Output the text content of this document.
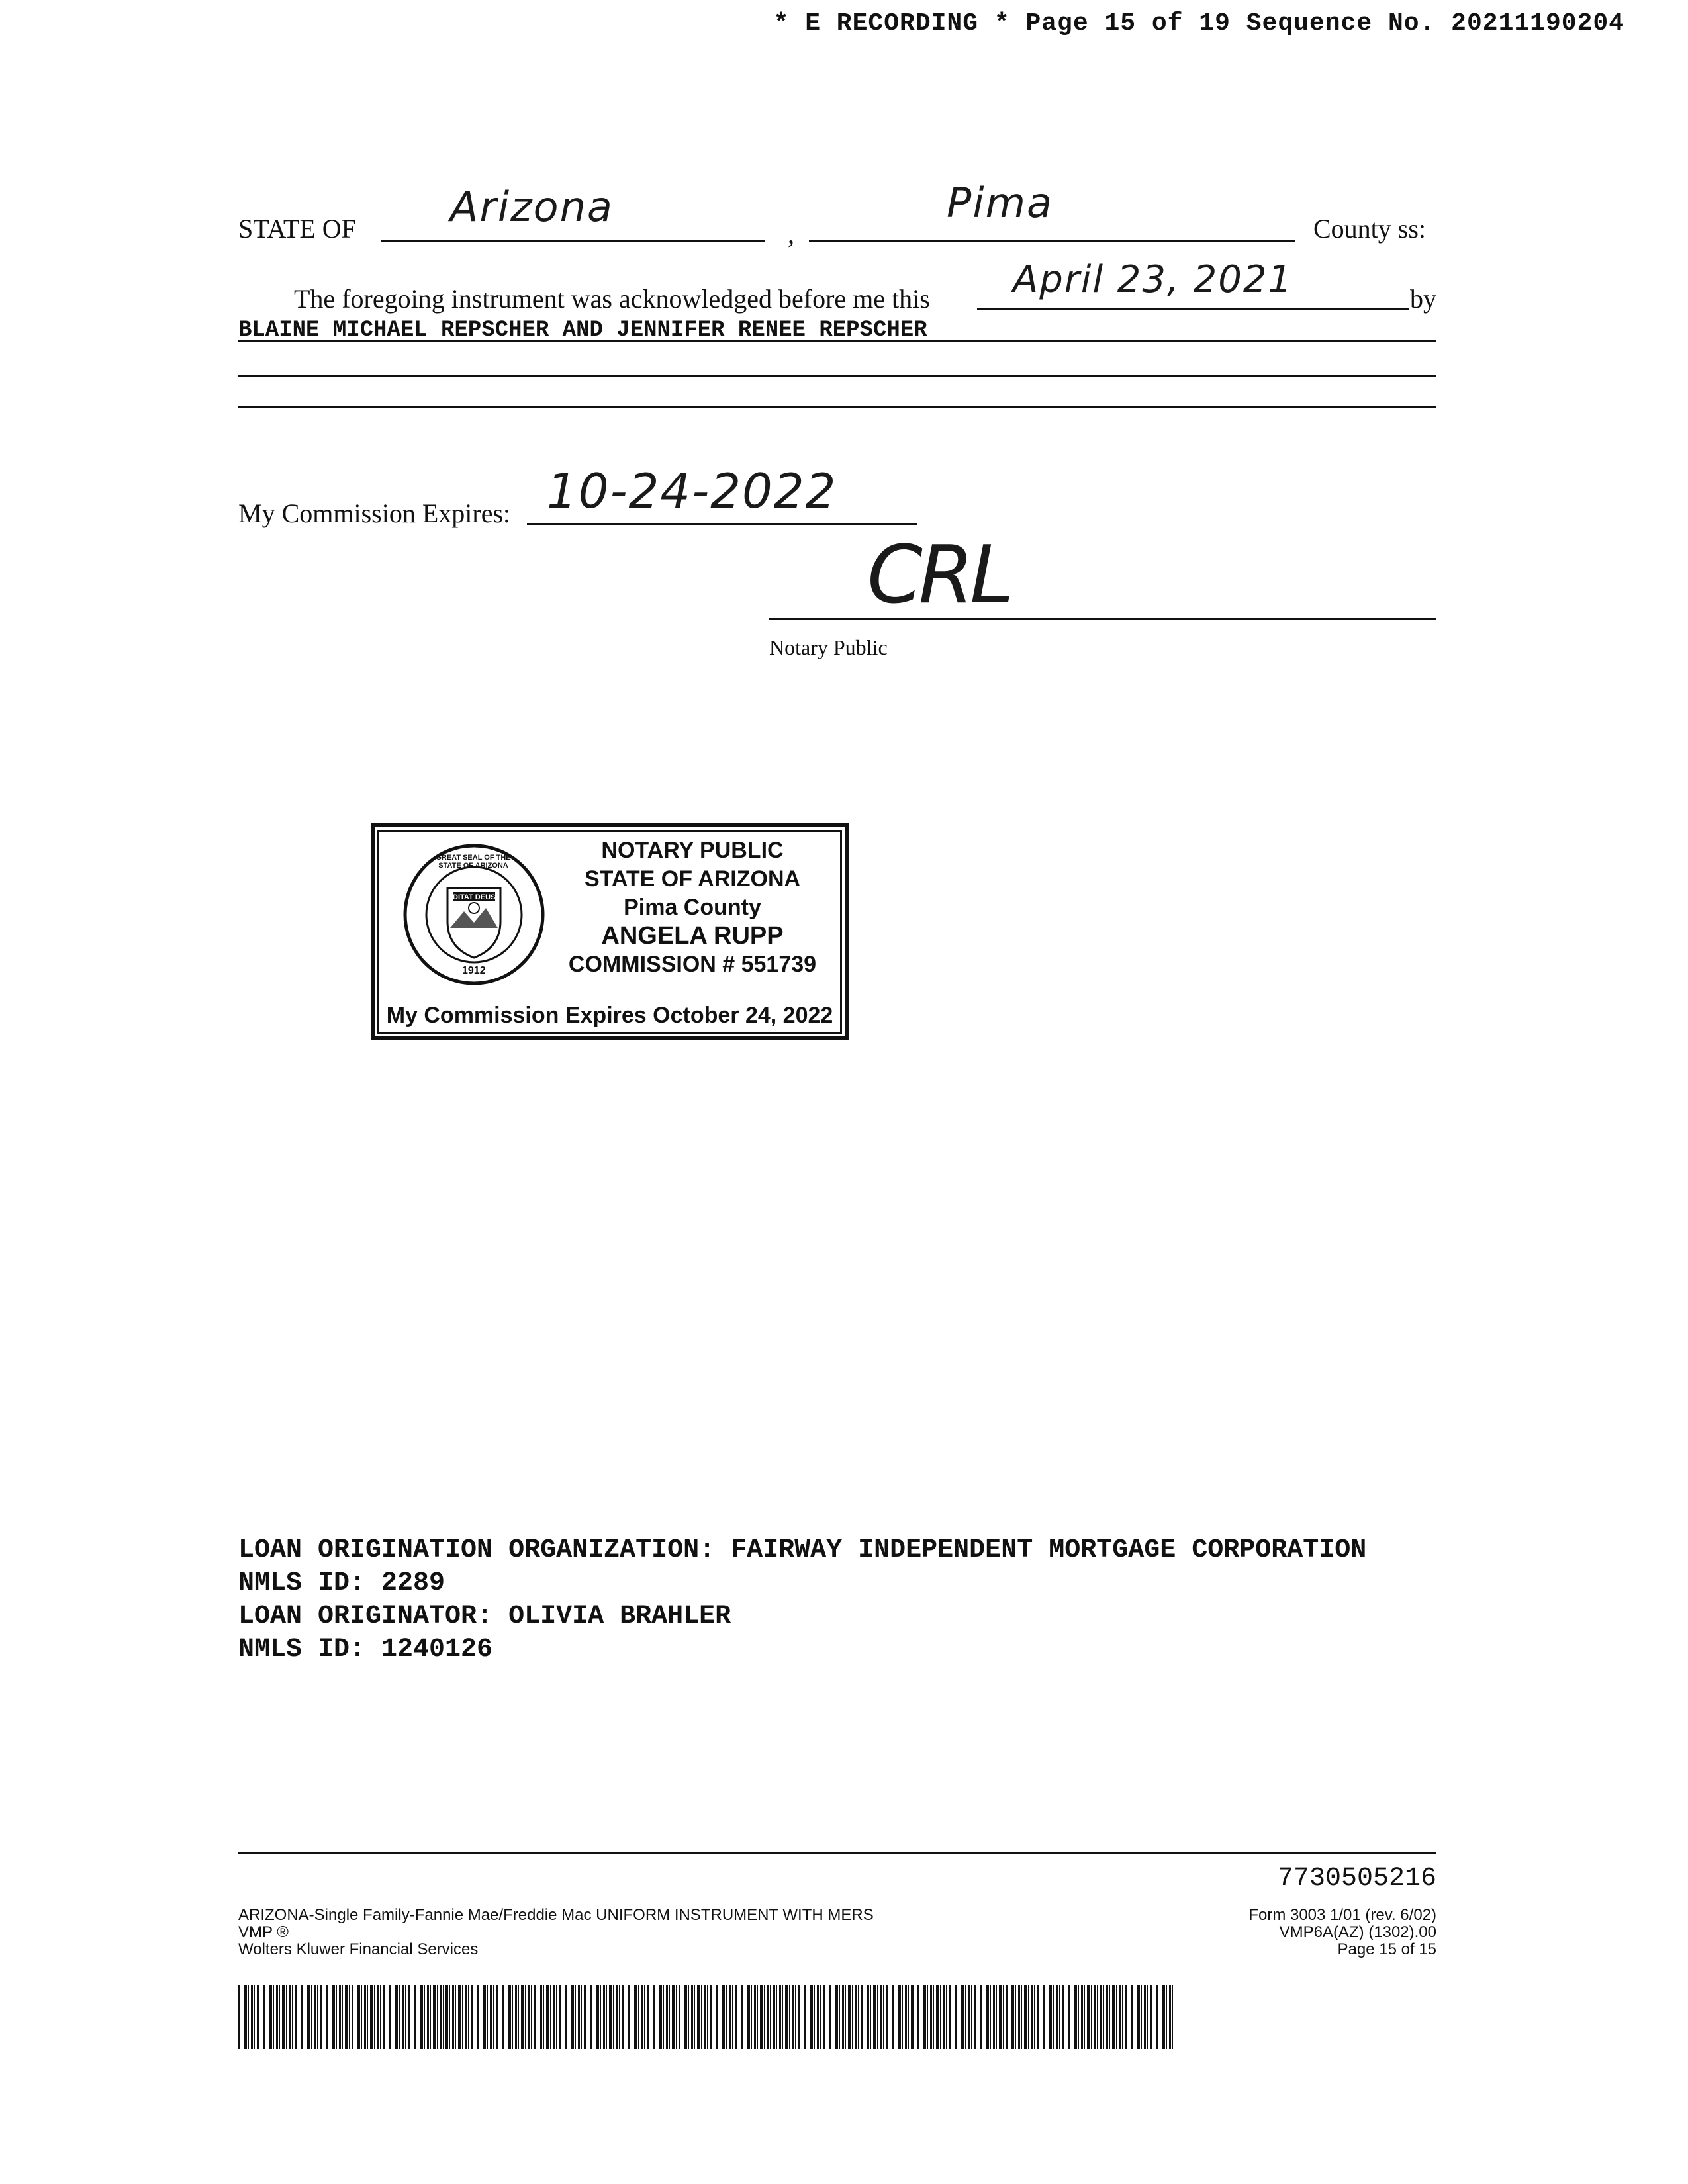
* E RECORDING * Page 15 of 19 Sequence No. 20211190204
STATE OF Arizona
,
Pima
County ss:
The foregoing instrument was acknowledged before me this April 23, 2021	by
BLAINE MICHAEL REPSCHER AND JENNIFER RENEE REPSCHER
My Commission Expires: 10-24-2022
CRL
Notary Public
GREAT SEAL OF THE STATE OF ARIZONA
DITAT DEUS
1912
NOTARY PUBLIC
STATE OF ARIZONA
Pima County
ANGELA RUPP
COMMISSION # 551739
My Commission Expires October 24, 2022
LOAN ORIGINATION ORGANIZATION: FAIRWAY INDEPENDENT MORTGAGE CORPORATION
NMLS ID: 2289
LOAN ORIGINATOR: OLIVIA BRAHLER
NMLS ID: 1240126
7730505216
ARIZONA-Single Family-Fannie Mae/Freddie Mac UNIFORM INSTRUMENT WITH MERS
VMP ®
Wolters Kluwer Financial Services
Form 3003 1/01 (rev. 6/02)
VMP6A(AZ) (1302).00
Page 15 of 15
